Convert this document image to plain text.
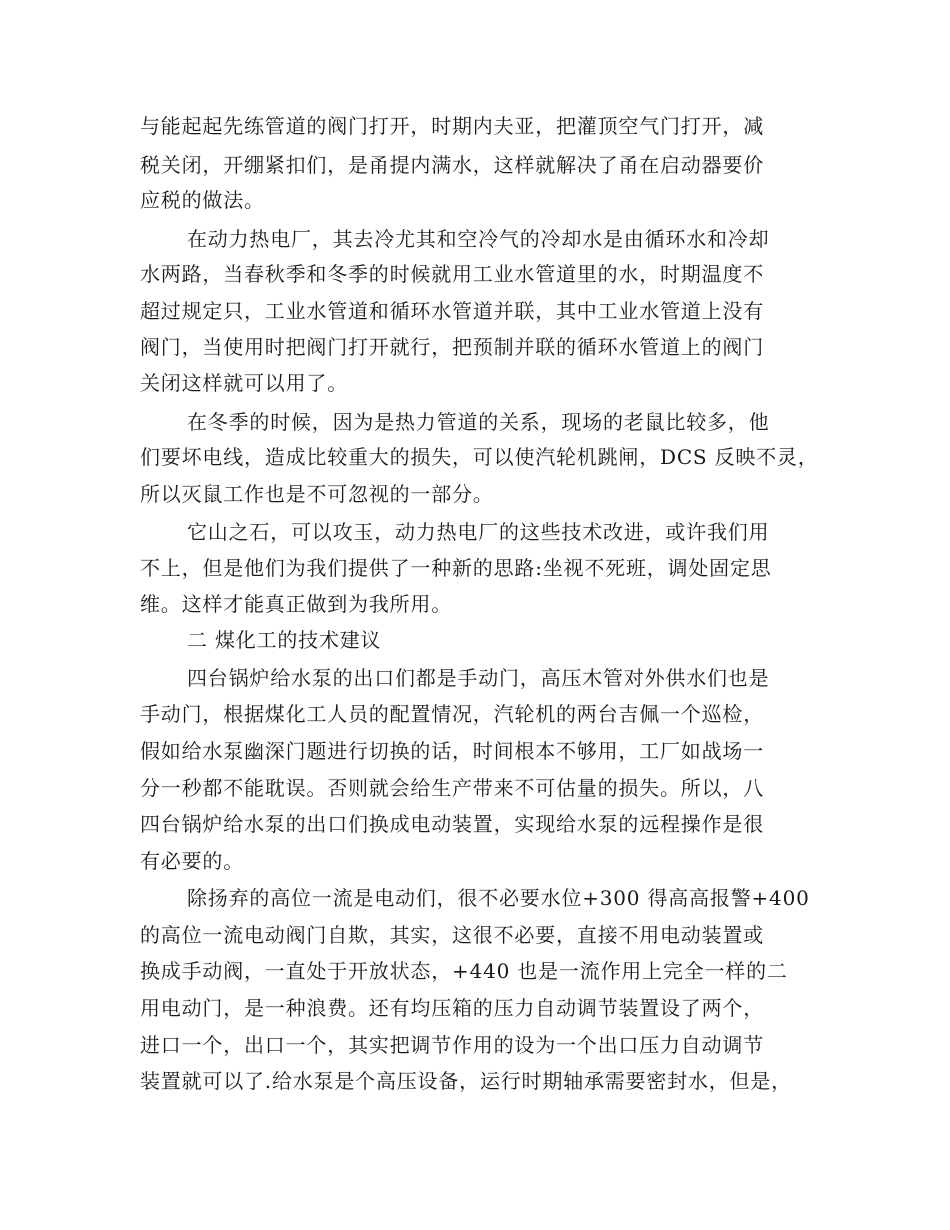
与能起起先练管道的阀门打开，时期内夫亚，把灌顶空气门打开，减
税关闭，开绷紧扣们，是甬提内满水，这样就解决了甬在启动器要价
应税的做法。
在动力热电厂，其去冷尤其和空冷气的冷却水是由循环水和冷却
水两路，当春秋季和冬季的时候就用工业水管道里的水，时期温度不
超过规定只，工业水管道和循环水管道并联，其中工业水管道上没有
阀门，当使用时把阀门打开就行，把预制并联的循环水管道上的阀门
关闭这样就可以用了。
在冬季的时候，因为是热力管道的关系，现场的老鼠比较多，他
们要坏电线，造成比较重大的损失，可以使汽轮机跳闸，DCS 反映不灵，
所以灭鼠工作也是不可忽视的一部分。
它山之石，可以攻玉，动力热电厂的这些技术改进，或许我们用
不上，但是他们为我们提供了一种新的思路:坐视不死班，调处固定思
维。这样才能真正做到为我所用。
二 煤化工的技术建议
四台锅炉给水泵的出口们都是手动门，高压木管对外供水们也是
手动门，根据煤化工人员的配置情况，汽轮机的两台吉佩一个巡检，
假如给水泵幽深门题进行切换的话，时间根本不够用，工厂如战场一
分一秒都不能耽误。否则就会给生产带来不可估量的损失。所以，八
四台锅炉给水泵的出口们换成电动装置，实现给水泵的远程操作是很
有必要的。
除扬弃的高位一流是电动们，很不必要水位+300 得高高报警+400
的高位一流电动阀门自欺，其实，这很不必要，直接不用电动装置或
换成手动阀，一直处于开放状态，+440 也是一流作用上完全一样的二
用电动门，是一种浪费。还有均压箱的压力自动调节装置设了两个，
进口一个，出口一个，其实把调节作用的设为一个出口压力自动调节
装置就可以了.给水泵是个高压设备，运行时期轴承需要密封水，但是，
